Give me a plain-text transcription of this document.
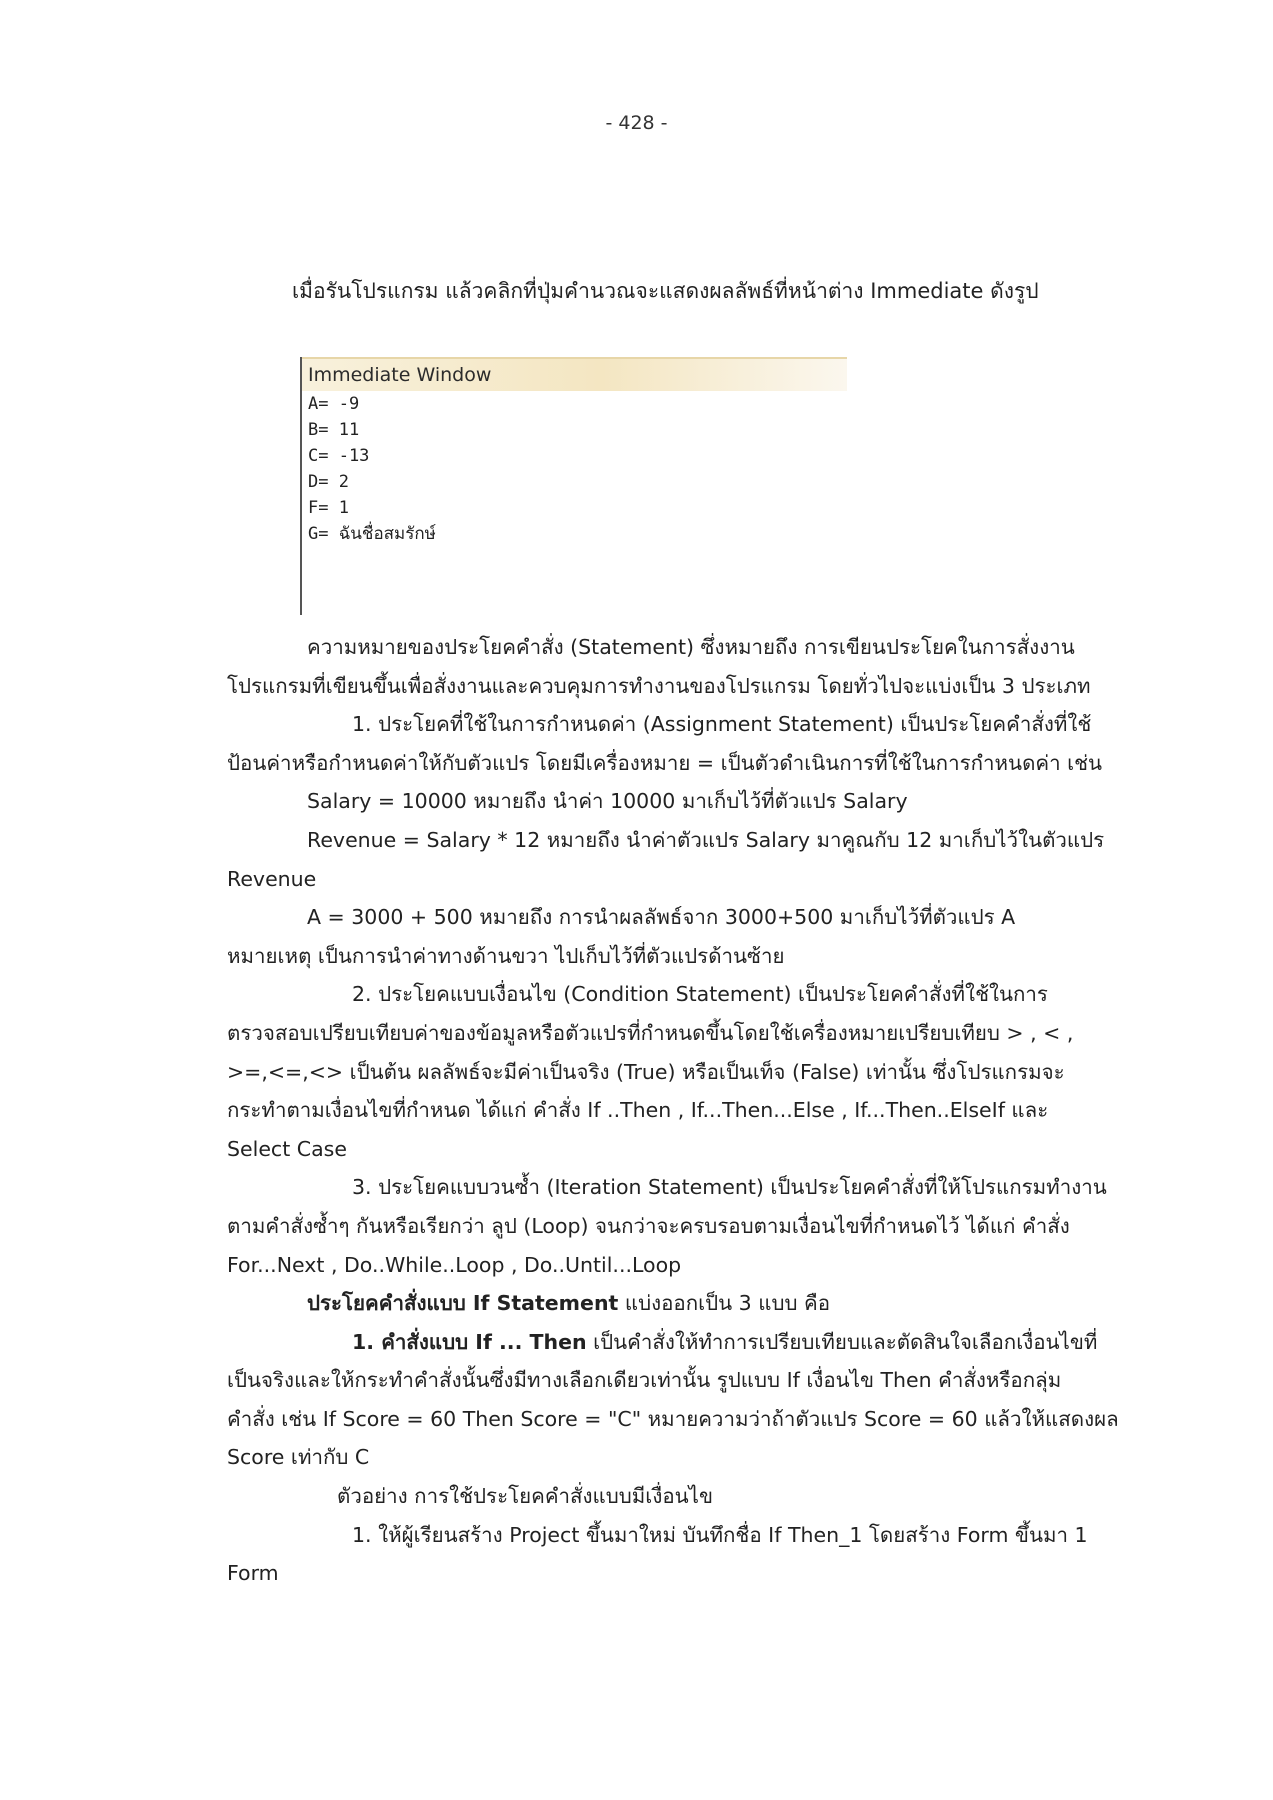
- 428 -
เมื่อรันโปรแกรม แล้วคลิกที่ปุ่มคำนวณจะแสดงผลลัพธ์ที่หน้าต่าง Immediate ดังรูป
Immediate Window
A= -9
B= 11
C= -13
D= 2
F= 1
G= ฉันชื่อสมรักษ์
ความหมายของประโยคคำสั่ง (Statement) ซึ่งหมายถึง การเขียนประโยคในการสั่งงาน
โปรแกรมที่เขียนขึ้นเพื่อสั่งงานและควบคุมการทำงานของโปรแกรม โดยทั่วไปจะแบ่งเป็น 3 ประเภท
1. ประโยคที่ใช้ในการกำหนดค่า (Assignment Statement) เป็นประโยคคำสั่งที่ใช้
ป้อนค่าหรือกำหนดค่าให้กับตัวแปร โดยมีเครื่องหมาย = เป็นตัวดำเนินการที่ใช้ในการกำหนดค่า เช่น
Salary = 10000 หมายถึง นำค่า 10000 มาเก็บไว้ที่ตัวแปร Salary
Revenue = Salary * 12 หมายถึง นำค่าตัวแปร Salary มาคูณกับ 12 มาเก็บไว้ในตัวแปร
Revenue
A = 3000 + 500 หมายถึง การนำผลลัพธ์จาก 3000+500 มาเก็บไว้ที่ตัวแปร A
หมายเหตุ เป็นการนำค่าทางด้านขวา ไปเก็บไว้ที่ตัวแปรด้านซ้าย
2. ประโยคแบบเงื่อนไข (Condition Statement) เป็นประโยคคำสั่งที่ใช้ในการ
ตรวจสอบเปรียบเทียบค่าของข้อมูลหรือตัวแปรที่กำหนดขึ้นโดยใช้เครื่องหมายเปรียบเทียบ > , < ,
>=,<=,<> เป็นต้น ผลลัพธ์จะมีค่าเป็นจริง (True) หรือเป็นเท็จ (False) เท่านั้น ซึ่งโปรแกรมจะ
กระทำตามเงื่อนไขที่กำหนด ได้แก่ คำสั่ง If ..Then , If...Then...Else , If...Then..ElseIf และ
Select Case
3. ประโยคแบบวนซ้ำ (Iteration Statement) เป็นประโยคคำสั่งที่ให้โปรแกรมทำงาน
ตามคำสั่งซ้ำๆ กันหรือเรียกว่า ลูป (Loop) จนกว่าจะครบรอบตามเงื่อนไขที่กำหนดไว้ ได้แก่ คำสั่ง
For...Next , Do..While..Loop , Do..Until...Loop
ประโยคคำสั่งแบบ If Statement แบ่งออกเป็น 3 แบบ คือ
1. คำสั่งแบบ If ... Then เป็นคำสั่งให้ทำการเปรียบเทียบและตัดสินใจเลือกเงื่อนไขที่
เป็นจริงและให้กระทำคำสั่งนั้นซึ่งมีทางเลือกเดียวเท่านั้น รูปแบบ If เงื่อนไข Then คำสั่งหรือกลุ่ม
คำสั่ง เช่น If Score = 60 Then Score = "C" หมายความว่าถ้าตัวแปร Score = 60 แล้วให้แสดงผล
Score เท่ากับ C
ตัวอย่าง การใช้ประโยคคำสั่งแบบมีเงื่อนไข
1. ให้ผู้เรียนสร้าง Project ขึ้นมาใหม่ บันทึกชื่อ If Then_1 โดยสร้าง Form ขึ้นมา 1
Form
